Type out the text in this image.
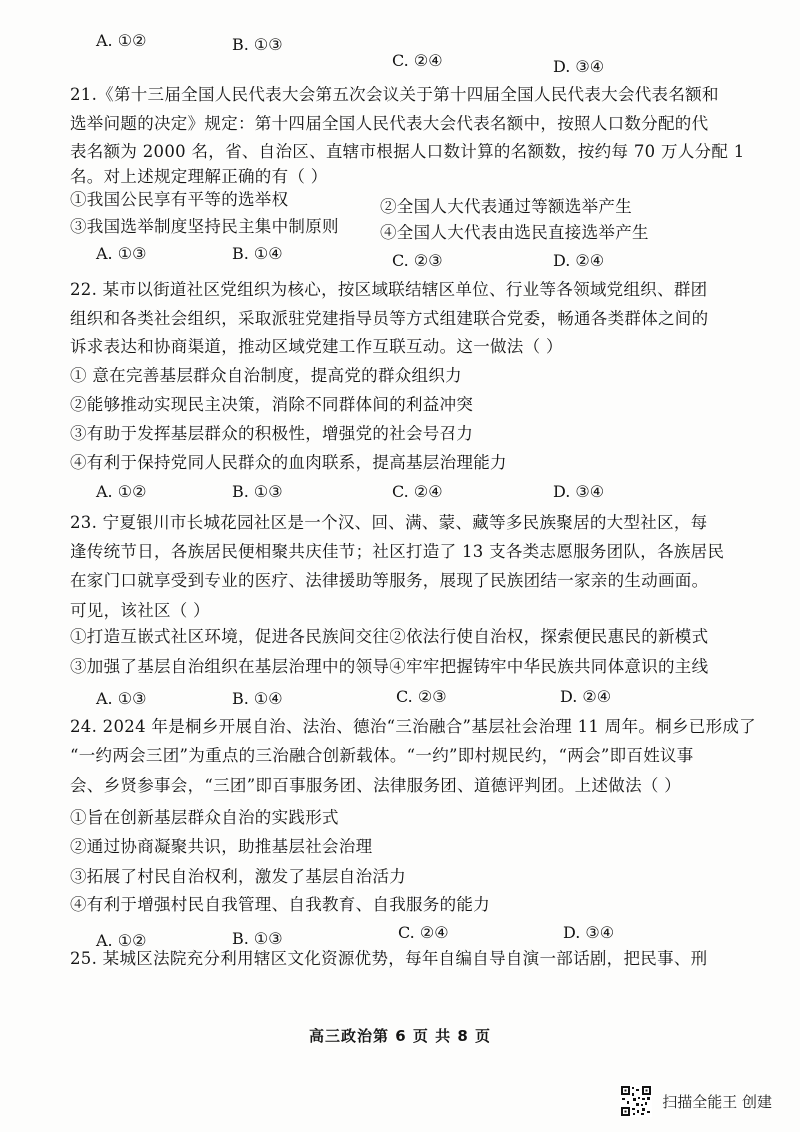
A. ①②	B. ①③
C. ②④	D. ③④
21.《第十三届全国人民代表大会第五次会议关于第十四届全国人民代表大会代表名额和
选举问题的决定》规定：第十四届全国人民代表大会代表名额中，按照人口数分配的代
表名额为 2000 名，省、自治区、直辖市根据人口数计算的名额数，按约每 70 万人分配 1
名。对上述规定理解正确的有（ ）
①我国公民享有平等的选举权	②全国人大代表通过等额选举产生
③我国选举制度坚持民主集中制原则 ④全国人大代表由选民直接选举产生
A. ①③	B. ①④	C. ②③	D. ②④
22. 某市以街道社区党组织为核心，按区域联结辖区单位、行业等各领域党组织、群团
组织和各类社会组织，采取派驻党建指导员等方式组建联合党委，畅通各类群体之间的
诉求表达和协商渠道，推动区域党建工作互联互动。这一做法（ ）
① 意在完善基层群众自治制度，提高党的群众组织力
②能够推动实现民主决策，消除不同群体间的利益冲突
③有助于发挥基层群众的积极性，增强党的社会号召力
④有利于保持党同人民群众的血肉联系，提高基层治理能力
A. ①②	B. ①③	C. ②④	D. ③④
23. 宁夏银川市长城花园社区是一个汉、回、满、蒙、藏等多民族聚居的大型社区，每
逢传统节日，各族居民便相聚共庆佳节；社区打造了 13 支各类志愿服务团队，各族居民
在家门口就享受到专业的医疗、法律援助等服务，展现了民族团结一家亲的生动画面。
可见，该社区（ ）
①打造互嵌式社区环境，促进各民族间交往②依法行使自治权，探索便民惠民的新模式
③加强了基层自治组织在基层治理中的领导④牢牢把握铸牢中华民族共同体意识的主线
A. ①③	B. ①④	C. ②③	D. ②④
24. 2024 年是桐乡开展自治、法治、德治“三治融合”基层社会治理 11 周年。桐乡已形成了
“一约两会三团”为重点的三治融合创新载体。“一约”即村规民约，“两会”即百姓议事
会、乡贤参事会，“三团”即百事服务团、法律服务团、道德评判团。上述做法（ ）
①旨在创新基层群众自治的实践形式
②通过协商凝聚共识，助推基层社会治理
③拓展了村民自治权利，激发了基层自治活力
④有利于增强村民自我管理、自我教育、自我服务的能力
A. ①②	B. ①③	C. ②④	D. ③④
25. 某城区法院充分利用辖区文化资源优势，每年自编自导自演一部话剧，把民事、刑
高三政治第 6 页 共 8 页
扫描全能王 创建
